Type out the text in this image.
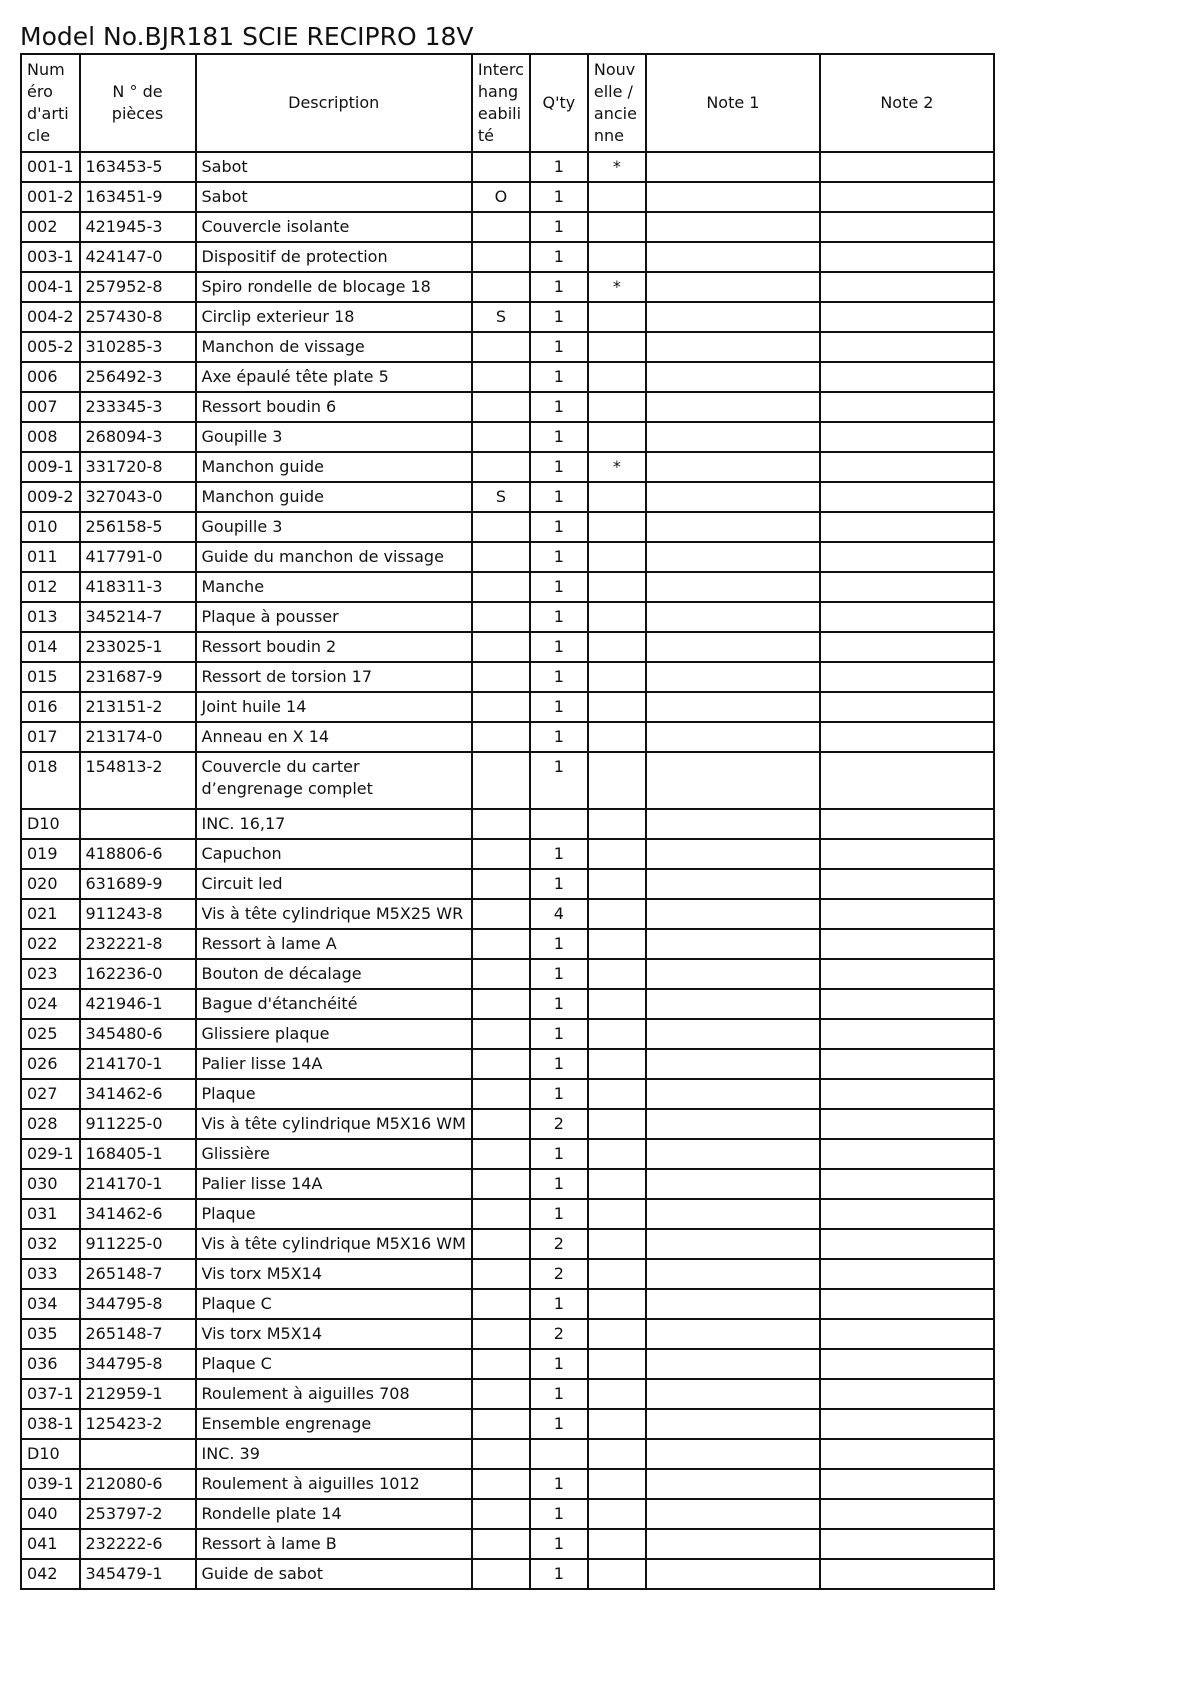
Model No.BJR181 SCIE RECIPRO 18V
Numéro d'article	N ° de pièces	Description	Interchangeabilité	Q'ty	Nouvelle / ancienne	Note 1	Note 2
001-1	163453-5	Sabot		1	*		
001-2	163451-9	Sabot	O	1			
002	421945-3	Couvercle isolante		1			
003-1	424147-0	Dispositif de protection		1			
004-1	257952-8	Spiro rondelle de blocage 18		1	*		
004-2	257430-8	Circlip exterieur 18	S	1			
005-2	310285-3	Manchon de vissage		1			
006	256492-3	Axe épaulé tête plate 5		1			
007	233345-3	Ressort boudin 6		1			
008	268094-3	Goupille 3		1			
009-1	331720-8	Manchon guide		1	*		
009-2	327043-0	Manchon guide	S	1			
010	256158-5	Goupille 3		1			
011	417791-0	Guide du manchon de vissage		1			
012	418311-3	Manche		1			
013	345214-7	Plaque à pousser		1			
014	233025-1	Ressort boudin 2		1			
015	231687-9	Ressort de torsion 17		1			
016	213151-2	Joint huile 14		1			
017	213174-0	Anneau en X 14		1			
018	154813-2	Couvercle du carter d’engrenage complet		1			
D10		INC. 16,17					
019	418806-6	Capuchon		1			
020	631689-9	Circuit led		1			
021	911243-8	Vis à tête cylindrique M5X25 WR		4			
022	232221-8	Ressort à lame A		1			
023	162236-0	Bouton de décalage		1			
024	421946-1	Bague d'étanchéité		1			
025	345480-6	Glissiere plaque		1			
026	214170-1	Palier lisse 14A		1			
027	341462-6	Plaque		1			
028	911225-0	Vis à tête cylindrique M5X16 WM		2			
029-1	168405-1	Glissière		1			
030	214170-1	Palier lisse 14A		1			
031	341462-6	Plaque		1			
032	911225-0	Vis à tête cylindrique M5X16 WM		2			
033	265148-7	Vis torx M5X14		2			
034	344795-8	Plaque C		1			
035	265148-7	Vis torx M5X14		2			
036	344795-8	Plaque C		1			
037-1	212959-1	Roulement à aiguilles 708		1			
038-1	125423-2	Ensemble engrenage		1			
D10		INC. 39					
039-1	212080-6	Roulement à aiguilles 1012		1			
040	253797-2	Rondelle plate 14		1			
041	232222-6	Ressort à lame B		1			
042	345479-1	Guide de sabot		1			
